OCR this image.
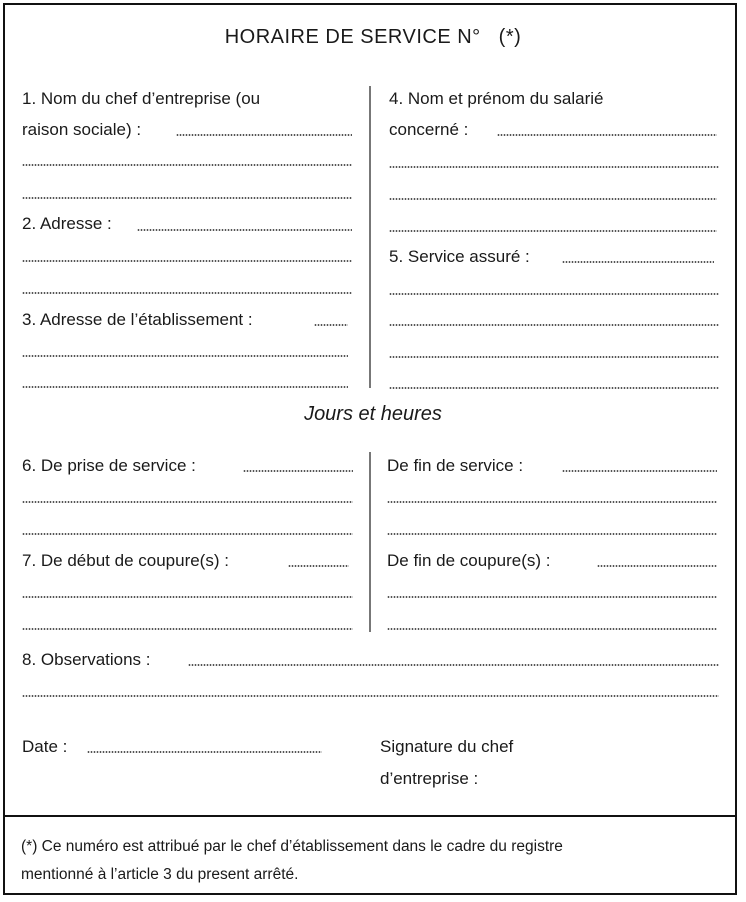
HORAIRE DE SERVICE N° (*)
1. Nom du chef d’entreprise (ou
raison sociale) :
2. Adresse :
3. Adresse de l’établissement :
4. Nom et prénom du salarié
concerné :
5. Service assuré :
Jours et heures
6. De prise de service :	De fin de service :
7. De début de coupure(s) :	De fin de coupure(s) :
8. Observations :
Date :	Signature du chef
d’entreprise :
(*) Ce numéro est attribué par le chef d’établissement dans le cadre du registre
mentionné à l’article 3 du present arrêté.
